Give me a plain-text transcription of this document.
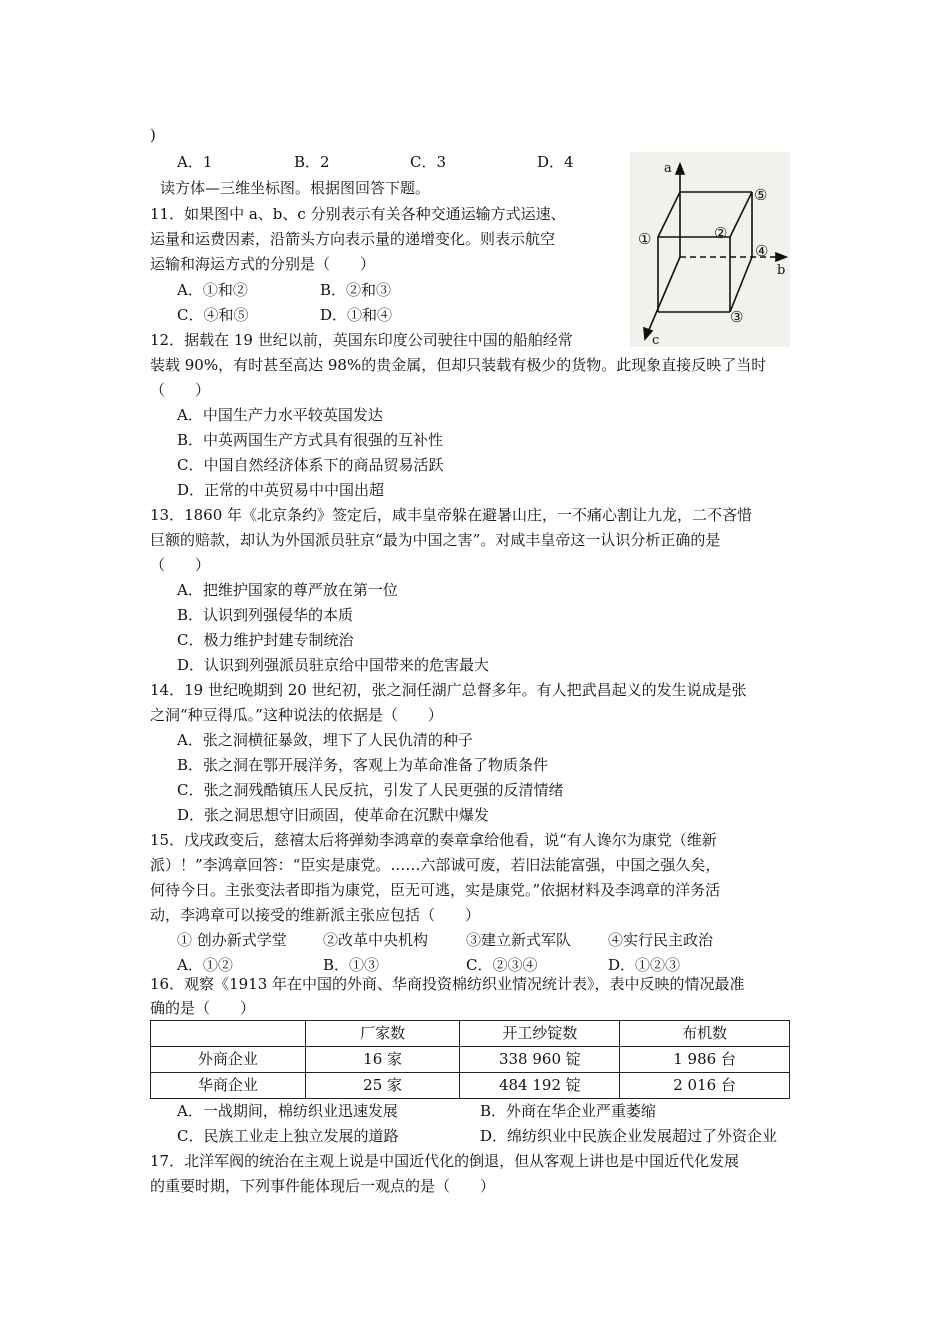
)
A．1	B．2	C．3	D．4
读方体—三维坐标图。根据图回答下题。
11．如果图中 a、b、c 分别表示有关各种交通运输方式运速、
运量和运费因素，沿箭头方向表示量的递增变化。则表示航空
运输和海运方式的分别是（　　）
A．①和②	B．②和③
C．④和⑤	D．①和④
a
b
c
①	②
③
④
⑤
12．据载在 19 世纪以前，英国东印度公司驶往中国的船舶经常
装载 90%，有时甚至高达 98%的贵金属，但却只装载有极少的货物。此现象直接反映了当时
（　　）
A．中国生产力水平较英国发达
B．中英两国生产方式具有很强的互补性
C．中国自然经济体系下的商品贸易活跃
D．正常的中英贸易中中国出超
13．1860 年《北京条约》签定后，咸丰皇帝躲在避暑山庄，一不痛心割让九龙，二不吝惜
巨额的赔款，却认为外国派员驻京“最为中国之害”。对咸丰皇帝这一认识分析正确的是
（　　）
A．把维护国家的尊严放在第一位
B．认识到列强侵华的本质
C．极力维护封建专制统治
D．认识到列强派员驻京给中国带来的危害最大
14．19 世纪晚期到 20 世纪初，张之洞任湖广总督多年。有人把武昌起义的发生说成是张
之洞“种豆得瓜。”这种说法的依据是（　　）
A．张之洞横征暴敛，埋下了人民仇清的种子
B．张之洞在鄂开展洋务，客观上为革命准备了物质条件
C．张之洞残酷镇压人民反抗，引发了人民更强的反清情绪
D．张之洞思想守旧顽固，使革命在沉默中爆发
15．戊戌政变后，慈禧太后将弹劾李鸿章的奏章拿给他看，说“有人谗尔为康党（维新
派）！”李鸿章回答：“臣实是康党。……六部诚可废，若旧法能富强，中国之强久矣，
何待今日。主张变法者即指为康党，臣无可逃，实是康党。”依据材料及李鸿章的洋务活
动，李鸿章可以接受的维新派主张应包括（　　）
① 创办新式学堂 ②改革中央机构	③建立新式军队 ④实行民主政治
A．①②	B．①③	C．②③④	D．①②③
16．观察《1913 年在中国的外商、华商投资棉纺织业情况统计表》，表中反映的情况最准
确的是（　　）
	厂家数	开工纱锭数	布机数
外商企业	16 家	338 960 锭	1 986 台
华商企业	25 家	484 192 锭	2 016 台
A．一战期间，棉纺织业迅速发展	B．外商在华企业严重萎缩
C．民族工业走上独立发展的道路	D．绵纺织业中民族企业发展超过了外资企业
17．北洋军阀的统治在主观上说是中国近代化的倒退，但从客观上讲也是中国近代化发展
的重要时期，下列事件能体现后一观点的是（　　）
